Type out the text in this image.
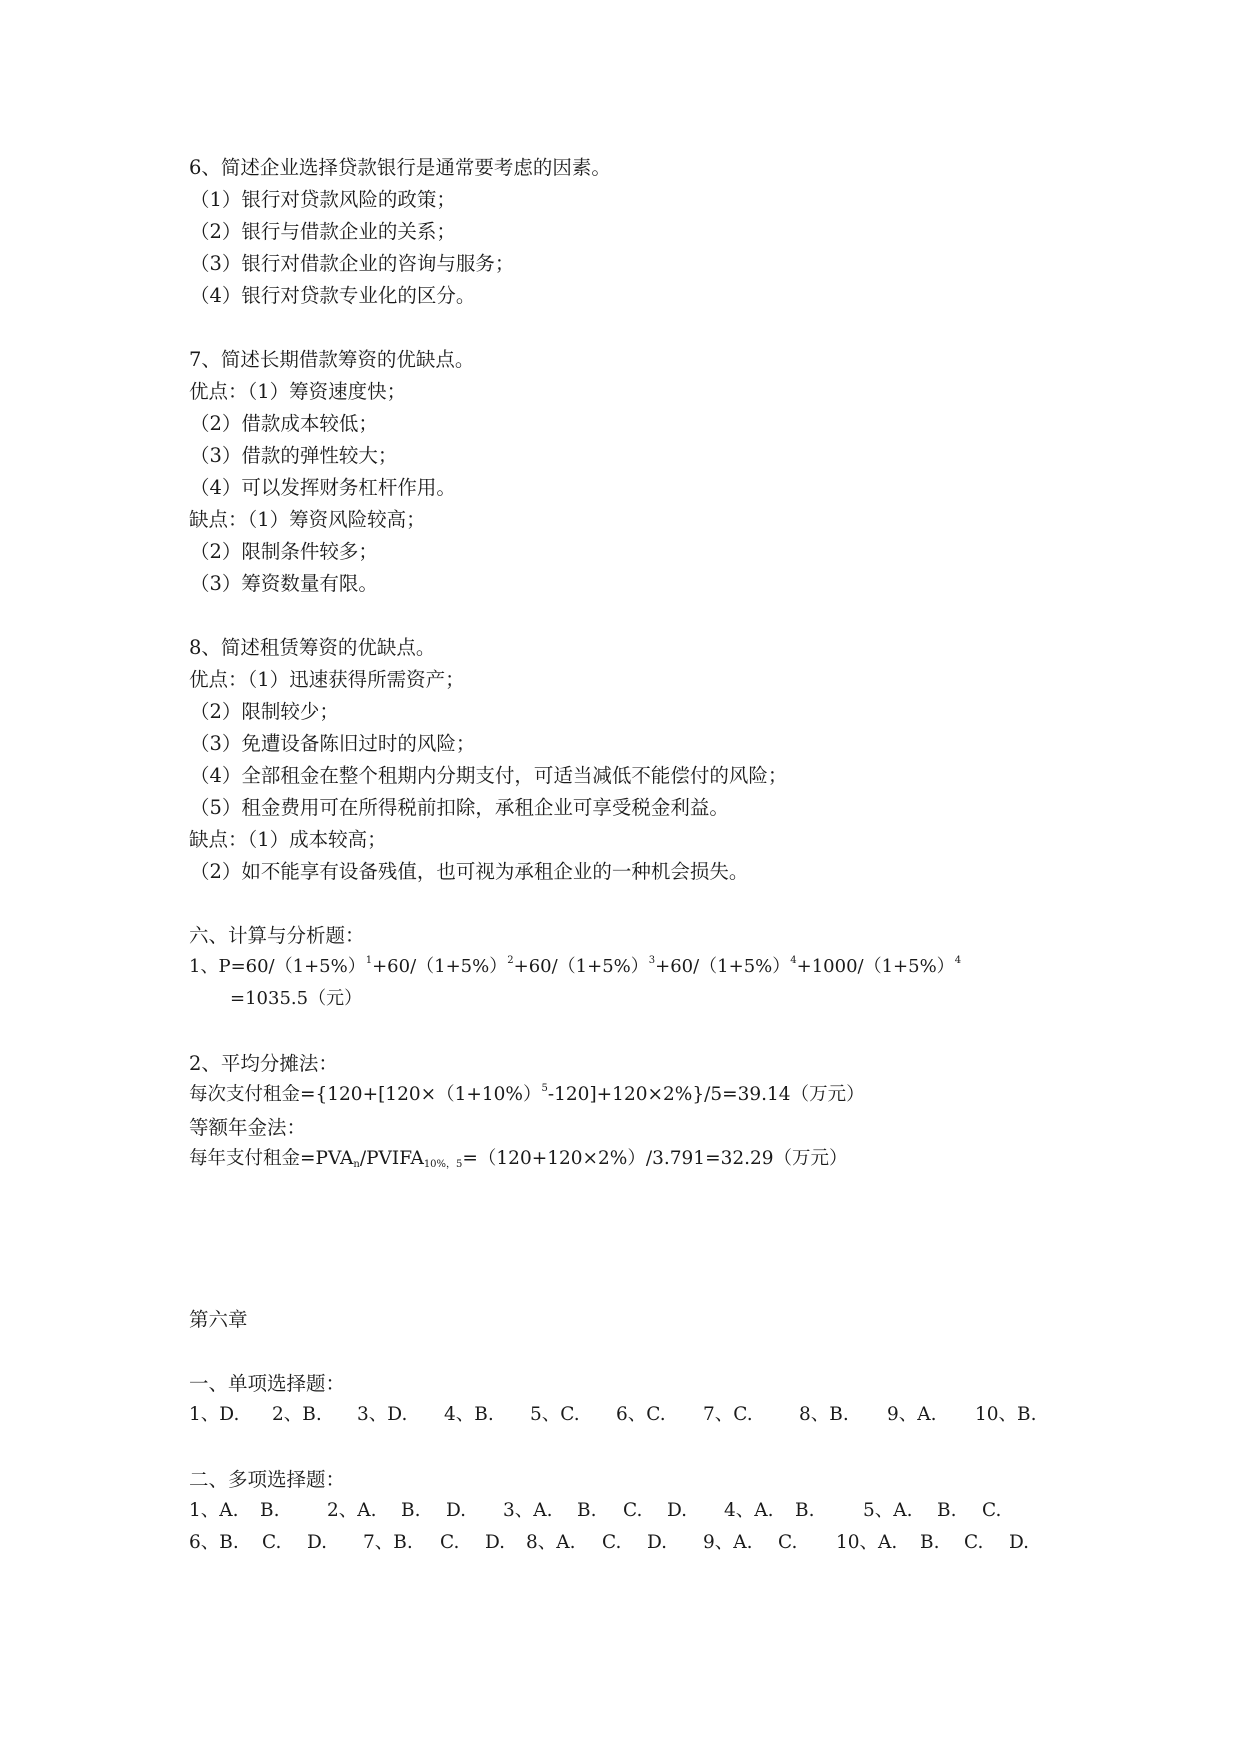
6、简述企业选择贷款银行是通常要考虑的因素。
（1）银行对贷款风险的政策；
（2）银行与借款企业的关系；
（3）银行对借款企业的咨询与服务；
（4）银行对贷款专业化的区分。
7、简述长期借款筹资的优缺点。
优点：（1）筹资速度快；
（2）借款成本较低；
（3）借款的弹性较大；
（4）可以发挥财务杠杆作用。
缺点：（1）筹资风险较高；
（2）限制条件较多；
（3）筹资数量有限。
8、简述租赁筹资的优缺点。
优点：（1）迅速获得所需资产；
（2）限制较少；
（3）免遭设备陈旧过时的风险；
（4）全部租金在整个租期内分期支付，可适当减低不能偿付的风险；
（5）租金费用可在所得税前扣除，承租企业可享受税金利益。
缺点：（1）成本较高；
（2）如不能享有设备残值，也可视为承租企业的一种机会损失。
六、计算与分析题：
1、$P=60/(1+5\%)^1+60/(1+5\%)^2+60/(1+5\%)^3+60/(1+5\%)^4+1000/(1+5\%)^4$
=1035.5（元）
2、平均分摊法：
每次支付租金$=\{120+[120\times(1+10\%)^5-120]+120\times 2\%\}/5=39.14$（万元）
等额年金法：
每年支付租金$=PVA_n/PVIFA_{10\%,5}=(120+120\times 2\%)/3.791=32.29$（万元）
第六章
一、单项选择题：
1、D. 2、B. 3、D. 4、B. 5、C. 6、C. 7、C.	8、B. 9、A. 10、B.
二、多项选择题：
1、A. B.	2、A. B. D. 3、A. B. C. D. 4、A. B.	5、A. B. C.
6、B. C. D. 7、B. C. D. 8、A. C. D. 9、A. C. 10、A. B. C. D.
